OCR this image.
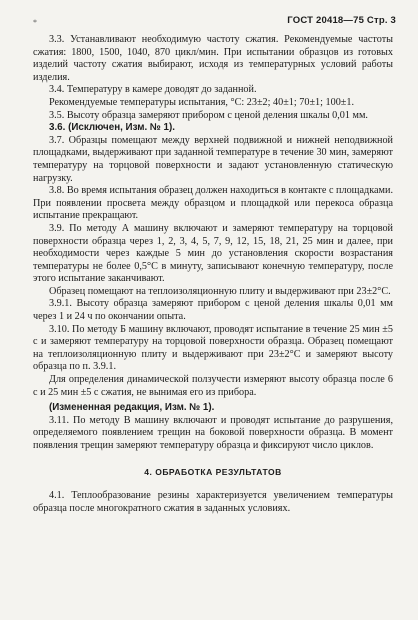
*	ГОСТ 20418—75 Стр. 3

3.3. Устанавливают необходимую частоту сжатия. Рекомендуемые частоты сжатия: 1800, 1500, 1040, 870 цикл/мин. При испытании образцов из готовых изделий частоту сжатия выбирают, исходя из температурных условий работы изделия.

3.4. Температуру в камере доводят до заданной.

Рекомендуемые температуры испытания, °С: 23±2; 40±1; 70±1; 100±1.

3.5. Высоту образца замеряют прибором с ценой деления шкалы 0,01 мм.

3.6. (Исключен, Изм. № 1).

3.7. Образцы помещают между верхней подвижной и нижней неподвижной площадками, выдерживают при заданной температуре в течение 30 мин, замеряют температуру на торцовой поверхности и задают установленную статическую нагрузку.

3.8. Во время испытания образец должен находиться в контакте с площадками. При появлении просвета между образцом и площадкой или перекоса образца испытание прекращают.

3.9. По методу А машину включают и замеряют температуру на торцовой поверхности образца через 1, 2, 3, 4, 5, 7, 9, 12, 15, 18, 21, 25 мин и далее, при необходимости через каждые 5 мин до установления скорости возрастания температуры не более 0,5°С в минуту, записывают конечную температуру, после этого испытание заканчивают.

Образец помещают на теплоизоляционную плиту и выдерживают при 23±2°С.

3.9.1. Высоту образца замеряют прибором с ценой деления шкалы 0,01 мм через 1 и 24 ч по окончании опыта.

3.10. По методу Б машину включают, проводят испытание в течение 25 мин ±5 с и замеряют температуру на торцовой поверхности образца. Образец помещают на теплоизоляционную плиту и выдерживают при 23±2°С и замеряют высоту образца по п. 3.9.1.

Для определения динамической ползучести измеряют высоту образца после 6 с и 25 мин ±5 с сжатия, не вынимая его из прибора.

(Измененная редакция, Изм. № 1).

3.11. По методу В машину включают и проводят испытание до разрушения, определяемого появлением трещин на боковой поверхности образца. В момент появления трещин замеряют температуру образца и фиксируют число циклов.

4. ОБРАБОТКА РЕЗУЛЬТАТОВ

4.1. Теплообразование резины характеризуется увеличением температуры образца после многократного сжатия в заданных условиях.
